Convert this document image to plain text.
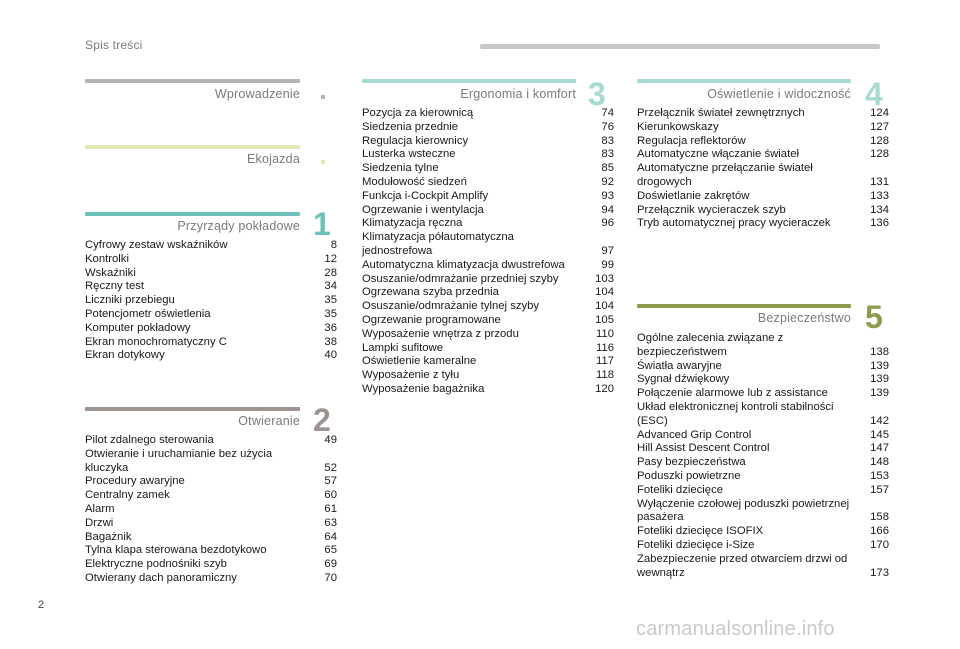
Spis treści
Wprowadzenie
Ekojazda
Przyrządy pokładowe 1
Cyfrowy zestaw wskaźników	8
Kontrolki	12
Wskaźniki	28
Ręczny test	34
Liczniki przebiegu	35
Potencjometr oświetlenia	35
Komputer pokładowy	36
Ekran monochromatyczny C	38
Ekran dotykowy	40
Otwieranie 2
Pilot zdalnego sterowania	49
Otwieranie i uruchamianie bez użycia kluczyka	52
Procedury awaryjne	57
Centralny zamek	60
Alarm	61
Drzwi	63
Bagażnik	64
Tylna klapa sterowana bezdotykowo	65
Elektryczne podnośniki szyb	69
Otwierany dach panoramiczny	70
Ergonomia i komfort 3
Pozycja za kierownicą	74
Siedzenia przednie	76
Regulacja kierownicy	83
Lusterka wsteczne	83
Siedzenia tylne	85
Modułowość siedzeń	92
Funkcja i-Cockpit Amplify	93
Ogrzewanie i wentylacja	94
Klimatyzacja ręczna	96
Klimatyzacja półautomatyczna jednostrefowa	97
Automatyczna klimatyzacja dwustrefowa	99
Osuszanie/odmrażanie przedniej szyby	103
Ogrzewana szyba przednia	104
Osuszanie/odmrażanie tylnej szyby	104
Ogrzewanie programowane	105
Wyposażenie wnętrza z przodu	110
Lampki sufitowe	116
Oświetlenie kameralne	117
Wyposażenie z tyłu	118
Wyposażenie bagażnika	120
Oświetlenie i widoczność 4
Przełącznik świateł zewnętrznych	124
Kierunkowskazy	127
Regulacja reflektorów	128
Automatyczne włączanie świateł	128
Automatyczne przełączanie świateł drogowych	131
Doświetlanie zakrętów	133
Przełącznik wycieraczek szyb	134
Tryb automatycznej pracy wycieraczek	136
Bezpieczeństwo 5
Ogólne zalecenia związane z bezpieczeństwem	138
Światła awaryjne	139
Sygnał dźwiękowy	139
Połączenie alarmowe lub z assistance	139
Układ elektronicznej kontroli stabilności (ESC)	142
Advanced Grip Control	145
Hill Assist Descent Control	147
Pasy bezpieczeństwa	148
Poduszki powietrzne	153
Foteliki dziecięce	157
Wyłączenie czołowej poduszki powietrznej pasażera	158
Foteliki dziecięce ISOFIX	166
Foteliki dziecięce i-Size	170
Zabezpieczenie przed otwarciem drzwi od wewnątrz	173
2
carmanualsonline.info
